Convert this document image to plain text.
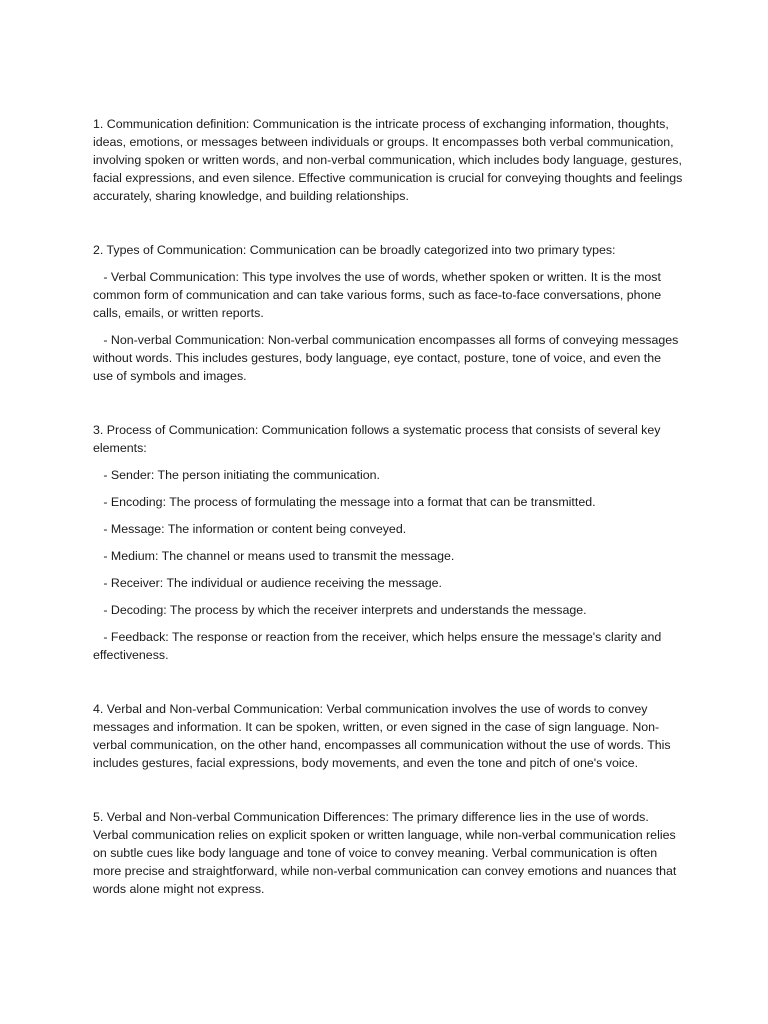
1. Communication definition: Communication is the intricate process of exchanging information, thoughts, ideas, emotions, or messages between individuals or groups. It encompasses both verbal communication, involving spoken or written words, and non-verbal communication, which includes body language, gestures, facial expressions, and even silence. Effective communication is crucial for conveying thoughts and feelings accurately, sharing knowledge, and building relationships.

2. Types of Communication: Communication can be broadly categorized into two primary types:

- Verbal Communication: This type involves the use of words, whether spoken or written. It is the most common form of communication and can take various forms, such as face-to-face conversations, phone calls, emails, or written reports.

- Non-verbal Communication: Non-verbal communication encompasses all forms of conveying messages without words. This includes gestures, body language, eye contact, posture, tone of voice, and even the use of symbols and images.

3. Process of Communication: Communication follows a systematic process that consists of several key elements:

- Sender: The person initiating the communication.

- Encoding: The process of formulating the message into a format that can be transmitted.

- Message: The information or content being conveyed.

- Medium: The channel or means used to transmit the message.

- Receiver: The individual or audience receiving the message.

- Decoding: The process by which the receiver interprets and understands the message.

- Feedback: The response or reaction from the receiver, which helps ensure the message's clarity and effectiveness.

4. Verbal and Non-verbal Communication: Verbal communication involves the use of words to convey messages and information. It can be spoken, written, or even signed in the case of sign language. Non-verbal communication, on the other hand, encompasses all communication without the use of words. This includes gestures, facial expressions, body movements, and even the tone and pitch of one's voice.

5. Verbal and Non-verbal Communication Differences: The primary difference lies in the use of words. Verbal communication relies on explicit spoken or written language, while non-verbal communication relies on subtle cues like body language and tone of voice to convey meaning. Verbal communication is often more precise and straightforward, while non-verbal communication can convey emotions and nuances that words alone might not express.
